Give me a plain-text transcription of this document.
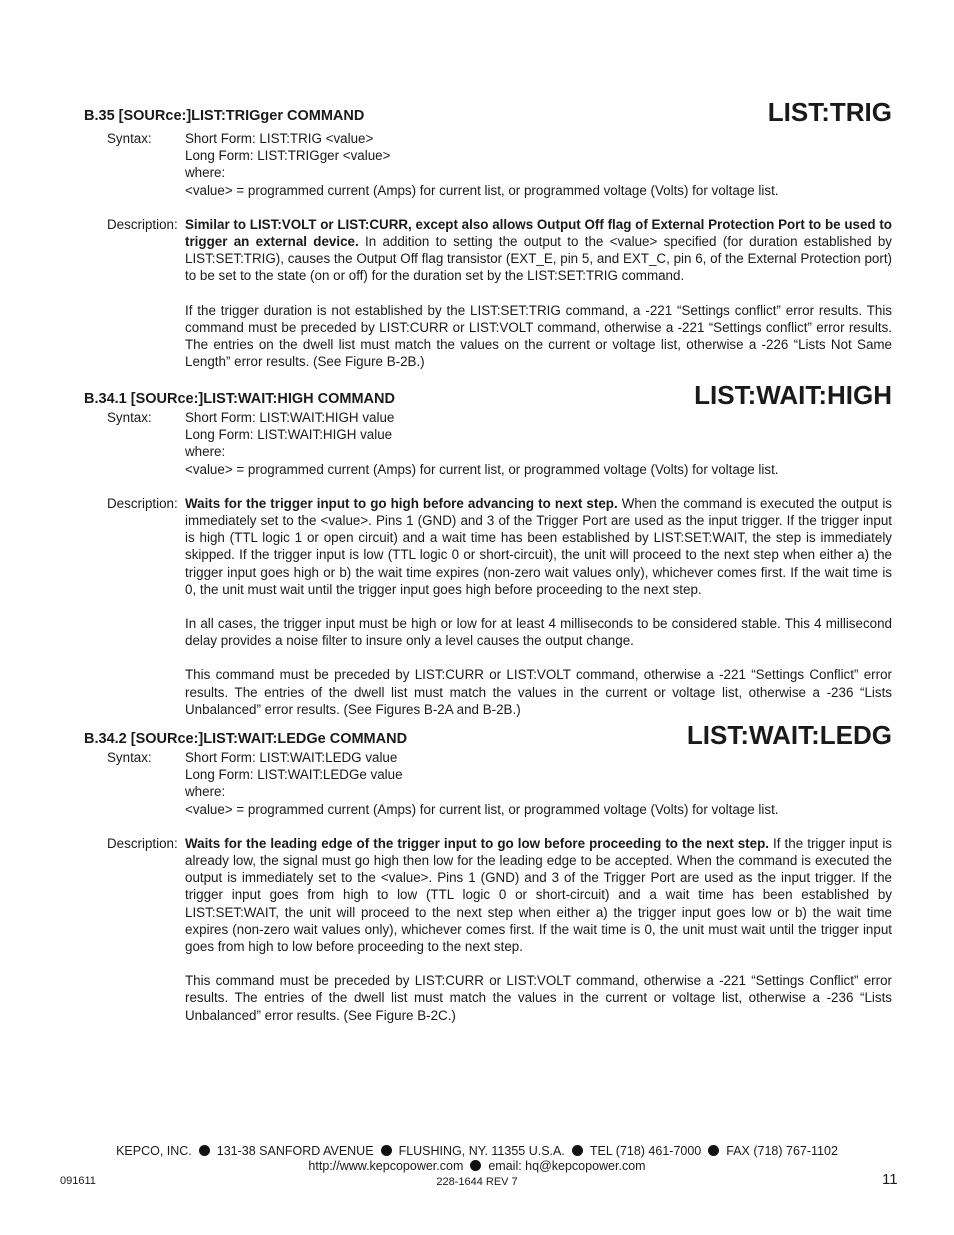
B.35 [SOURce:]LIST:TRIGger COMMAND	LIST:TRIG
Syntax: Short Form: LIST:TRIG <value>
Long Form: LIST:TRIGger <value>
where:
<value> = programmed current (Amps) for current list, or programmed voltage (Volts) for voltage list.
Description: Similar to LIST:VOLT or LIST:CURR, except also allows Output Off flag of External Protection Port to be used to trigger an external device. In addition to setting the output to the <value> specified (for duration established by LIST:SET:TRIG), causes the Output Off flag transistor (EXT_E, pin 5, and EXT_C, pin 6, of the External Protection port) to be set to the state (on or off) for the duration set by the LIST:SET:TRIG command.
If the trigger duration is not established by the LIST:SET:TRIG command, a -221 “Settings conflict” error results. This command must be preceded by LIST:CURR or LIST:VOLT command, otherwise a -221 “Settings conflict” error results. The entries on the dwell list must match the values on the current or voltage list, otherwise a -226 “Lists Not Same Length” error results. (See Figure B-2B.)
B.34.1 [SOURce:]LIST:WAIT:HIGH COMMAND	LIST:WAIT:HIGH
Syntax: Short Form: LIST:WAIT:HIGH value
Long Form: LIST:WAIT:HIGH value
where:
<value> = programmed current (Amps) for current list, or programmed voltage (Volts) for voltage list.
Description: Waits for the trigger input to go high before advancing to next step. When the command is executed the output is immediately set to the <value>. Pins 1 (GND) and 3 of the Trigger Port are used as the input trigger. If the trigger input is high (TTL logic 1 or open circuit) and a wait time has been established by LIST:SET:WAIT, the step is immediately skipped. If the trigger input is low (TTL logic 0 or short-circuit), the unit will proceed to the next step when either a) the trigger input goes high or b) the wait time expires (non-zero wait values only), whichever comes first. If the wait time is 0, the unit must wait until the trigger input goes high before proceeding to the next step.
In all cases, the trigger input must be high or low for at least 4 milliseconds to be considered stable. This 4 millisecond delay provides a noise filter to insure only a level causes the output change.
This command must be preceded by LIST:CURR or LIST:VOLT command, otherwise a -221 “Settings Conflict” error results. The entries of the dwell list must match the values in the current or voltage list, otherwise a -236 “Lists Unbalanced” error results. (See Figures B-2A and B-2B.)
B.34.2 [SOURce:]LIST:WAIT:LEDGe COMMAND	LIST:WAIT:LEDG
Syntax: Short Form: LIST:WAIT:LEDG value
Long Form: LIST:WAIT:LEDGe value
where:
<value> = programmed current (Amps) for current list, or programmed voltage (Volts) for voltage list.
Description: Waits for the leading edge of the trigger input to go low before proceeding to the next step. If the trigger input is already low, the signal must go high then low for the leading edge to be accepted. When the command is executed the output is immediately set to the <value>. Pins 1 (GND) and 3 of the Trigger Port are used as the input trigger. If the trigger input goes from high to low (TTL logic 0 or short-circuit) and a wait time has been established by LIST:SET:WAIT, the unit will proceed to the next step when either a) the trigger input goes low or b) the wait time expires (non-zero wait values only), whichever comes first. If the wait time is 0, the unit must wait until the trigger input goes from high to low before proceeding to the next step.
This command must be preceded by LIST:CURR or LIST:VOLT command, otherwise a -221 “Settings Conflict” error results. The entries of the dwell list must match the values in the current or voltage list, otherwise a -236 “Lists Unbalanced” error results. (See Figure B-2C.)
KEPCO, INC. 131-38 SANFORD AVENUE FLUSHING, NY. 11355 U.S.A. TEL (718) 461-7000 FAX (718) 767-1102
http://www.kepcopower.com email: hq@kepcopower.com
091611	228-1644 REV 7	11
